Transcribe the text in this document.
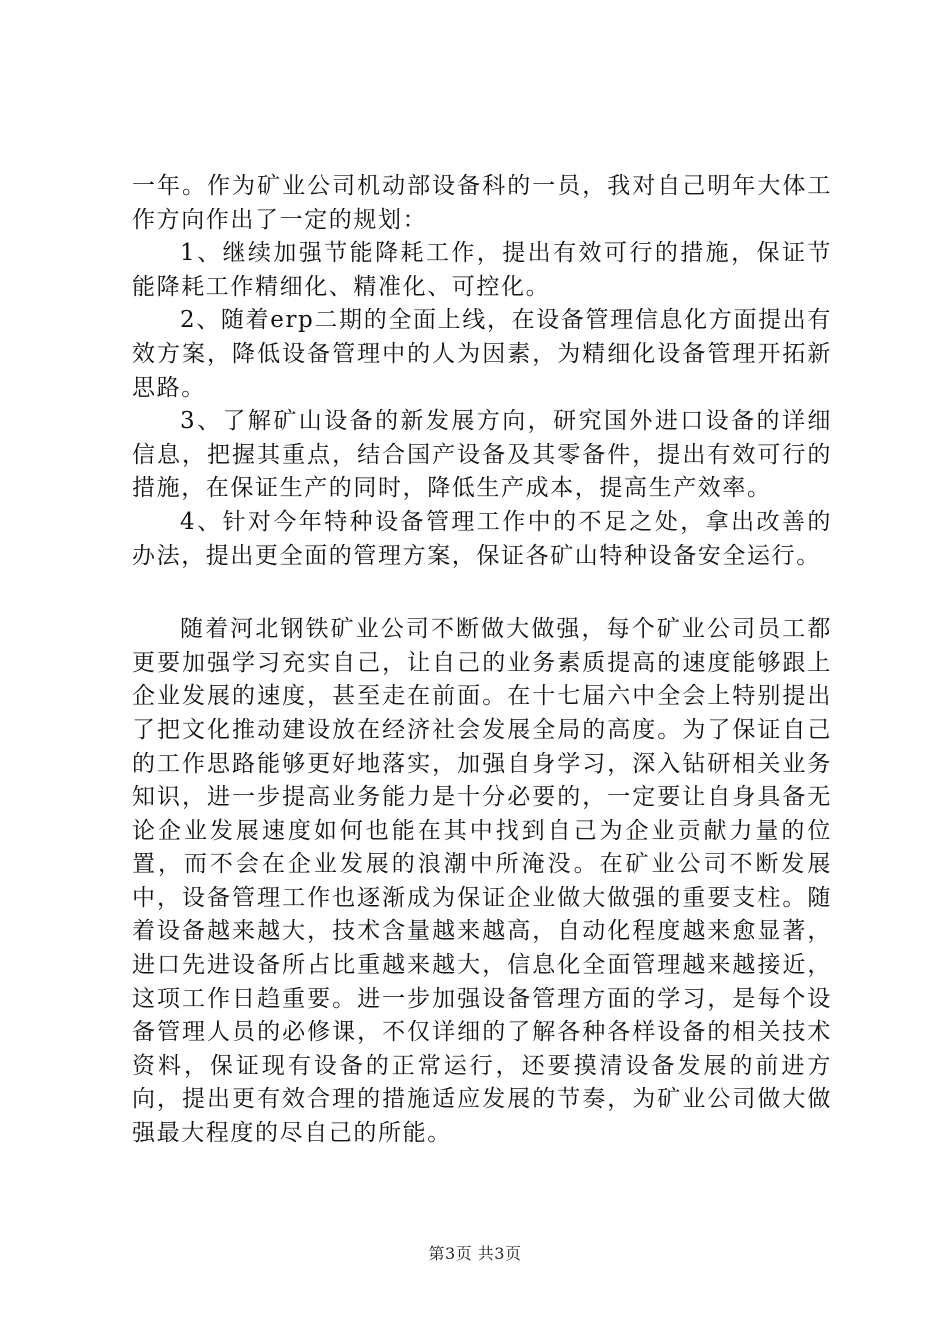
一年。作为矿业公司机动部设备科的一员，我对自己明年大体工作方向作出了一定的规划：

1、继续加强节能降耗工作，提出有效可行的措施，保证节能降耗工作精细化、精准化、可控化。

2、随着erp二期的全面上线，在设备管理信息化方面提出有效方案，降低设备管理中的人为因素，为精细化设备管理开拓新思路。

3、了解矿山设备的新发展方向，研究国外进口设备的详细信息，把握其重点，结合国产设备及其零备件，提出有效可行的措施，在保证生产的同时，降低生产成本，提高生产效率。

4、针对今年特种设备管理工作中的不足之处，拿出改善的办法，提出更全面的管理方案，保证各矿山特种设备安全运行。

随着河北钢铁矿业公司不断做大做强，每个矿业公司员工都更要加强学习充实自己，让自己的业务素质提高的速度能够跟上企业发展的速度，甚至走在前面。在十七届六中全会上特别提出了把文化推动建设放在经济社会发展全局的高度。为了保证自己的工作思路能够更好地落实，加强自身学习，深入钻研相关业务知识，进一步提高业务能力是十分必要的，一定要让自身具备无论企业发展速度如何也能在其中找到自己为企业贡献力量的位置，而不会在企业发展的浪潮中所淹没。在矿业公司不断发展中，设备管理工作也逐渐成为保证企业做大做强的重要支柱。随着设备越来越大，技术含量越来越高，自动化程度越来愈显著，进口先进设备所占比重越来越大，信息化全面管理越来越接近，这项工作日趋重要。进一步加强设备管理方面的学习，是每个设备管理人员的必修课，不仅详细的了解各种各样设备的相关技术资料，保证现有设备的正常运行，还要摸清设备发展的前进方向，提出更有效合理的措施适应发展的节奏，为矿业公司做大做强最大程度的尽自己的所能。

第3页 共3页
